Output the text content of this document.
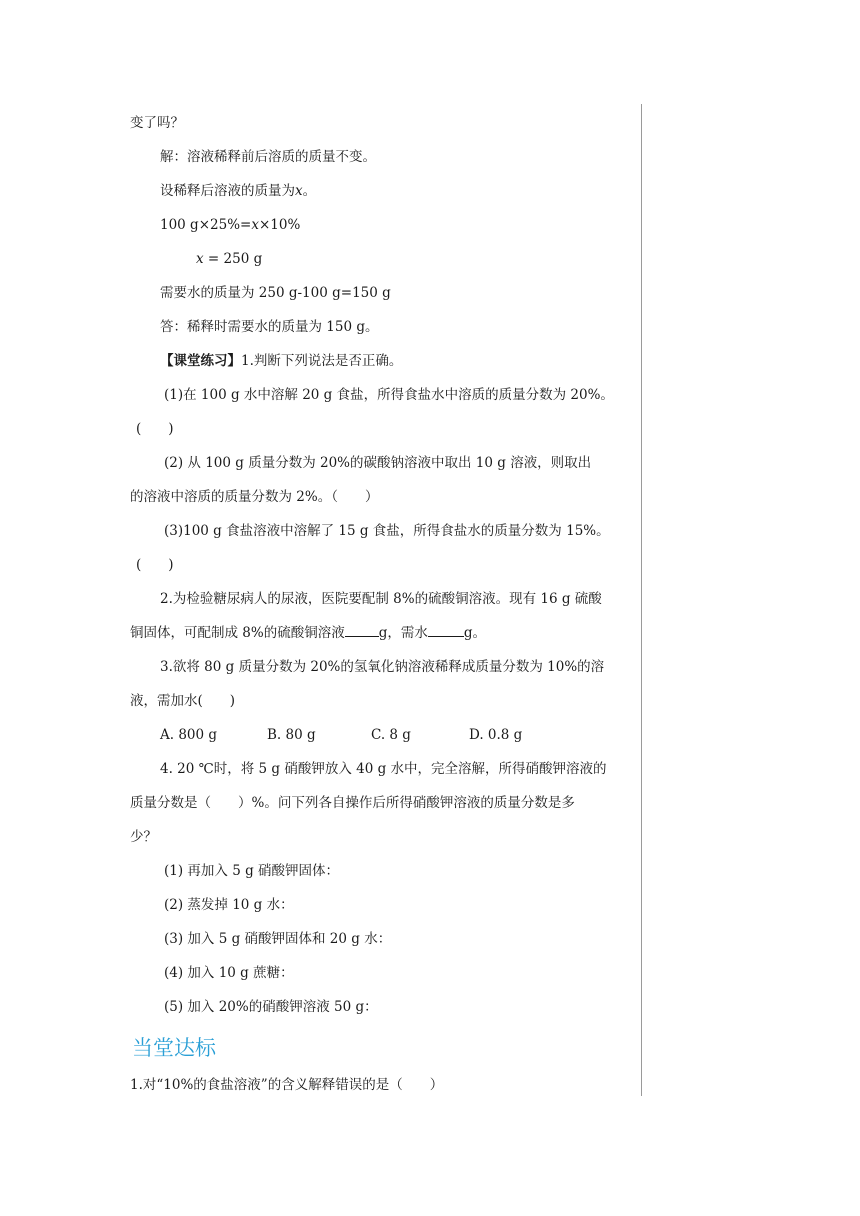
变了吗？
解：溶液稀释前后溶质的质量不变。
设稀释后溶液的质量为x。
100 g×25%=x×10%
x = 250 g
需要水的质量为 250 g-100 g=150 g
答：稀释时需要水的质量为 150 g。
【课堂练习】1.判断下列说法是否正确。
(1)在 100 g 水中溶解 20 g 食盐，所得食盐水中溶质的质量分数为 20%。
(　　)
(2) 从 100 g 质量分数为 20%的碳酸钠溶液中取出 10 g 溶液，则取出
的溶液中溶质的质量分数为 2%。（　　）
(3)100 g 食盐溶液中溶解了 15 g 食盐，所得食盐水的质量分数为 15%。
(　　)
2.为检验糖尿病人的尿液，医院要配制 8%的硫酸铜溶液。现有 16 g 硫酸
铜固体，可配制成 8%的硫酸铜溶液	g，需水	g。
3.欲将 80 g 质量分数为 20%的氢氧化钠溶液稀释成质量分数为 10%的溶
液，需加水(　　)
A. 800 g	B. 80 g	C. 8 g	D. 0.8 g
4. 20 ℃时，将 5 g 硝酸钾放入 40 g 水中，完全溶解，所得硝酸钾溶液的
质量分数是（　　）%。问下列各自操作后所得硝酸钾溶液的质量分数是多
少？
(1) 再加入 5 g 硝酸钾固体：
(2) 蒸发掉 10 g 水：
(3) 加入 5 g 硝酸钾固体和 20 g 水：
(4) 加入 10 g 蔗糖：
(5) 加入 20%的硝酸钾溶液 50 g：
当堂达标
1.对“10%的食盐溶液”的含义解释错误的是（　　）
